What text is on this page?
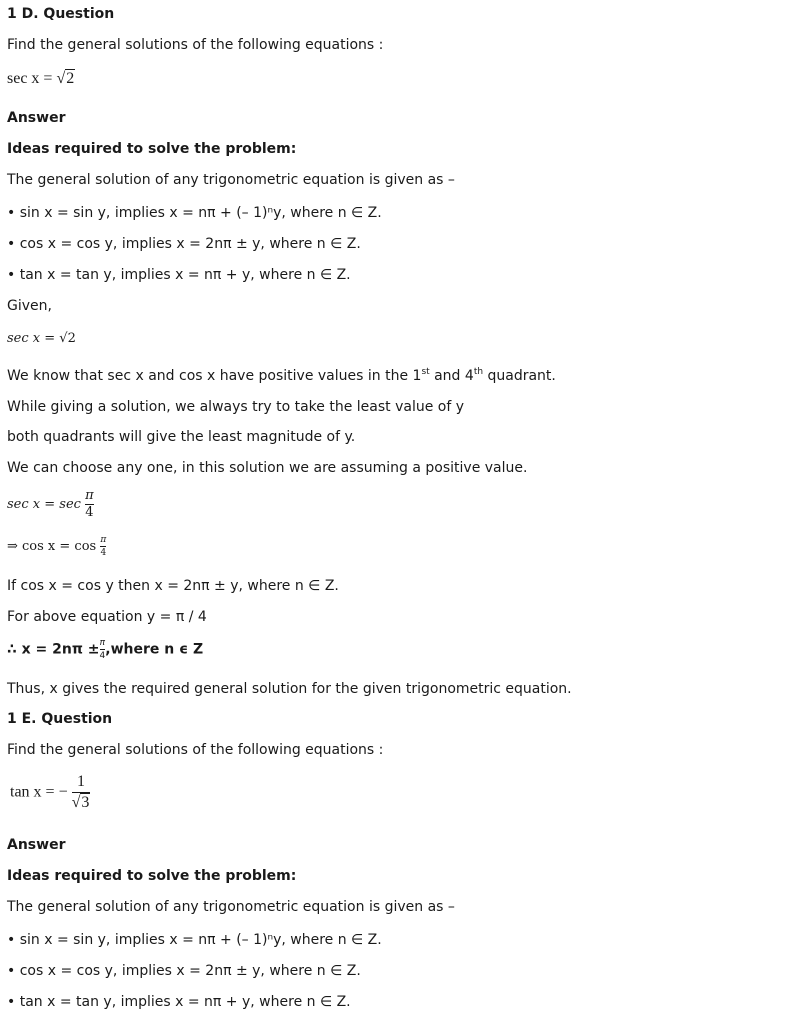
1 D. Question
Find the general solutions of the following equations :
sec x = √2
Answer
Ideas required to solve the problem:
The general solution of any trigonometric equation is given as –
• sin x = sin y, implies x = nπ + (– 1)ⁿy, where n ∈ Z.
• cos x = cos y, implies x = 2nπ ± y, where n ∈ Z.
• tan x = tan y, implies x = nπ + y, where n ∈ Z.
Given,
sec x = √2
We know that sec x and cos x have positive values in the 1st and 4th quadrant.
While giving a solution, we always try to take the least value of y
both quadrants will give the least magnitude of y.
We can choose any one, in this solution we are assuming a positive value.
$\sec x = \sec \frac{\pi}{4}$
⇒ $\cos x = \cos \frac{\pi}{4}$
If cos x = cos y then x = 2nπ ± y, where n ∈ Z.
For above equation y = π / 4
∴ $x = 2n\pi \pm \frac{\pi}{4}$ ,where n ϵ Z
Thus, x gives the required general solution for the given trigonometric equation.
1 E. Question
Find the general solutions of the following equations :
tan x = − $\frac{1}{√3}$
Answer
Ideas required to solve the problem:
The general solution of any trigonometric equation is given as –
• sin x = sin y, implies x = nπ + (– 1)ⁿy, where n ∈ Z.
• cos x = cos y, implies x = 2nπ ± y, where n ∈ Z.
• tan x = tan y, implies x = nπ + y, where n ∈ Z.
